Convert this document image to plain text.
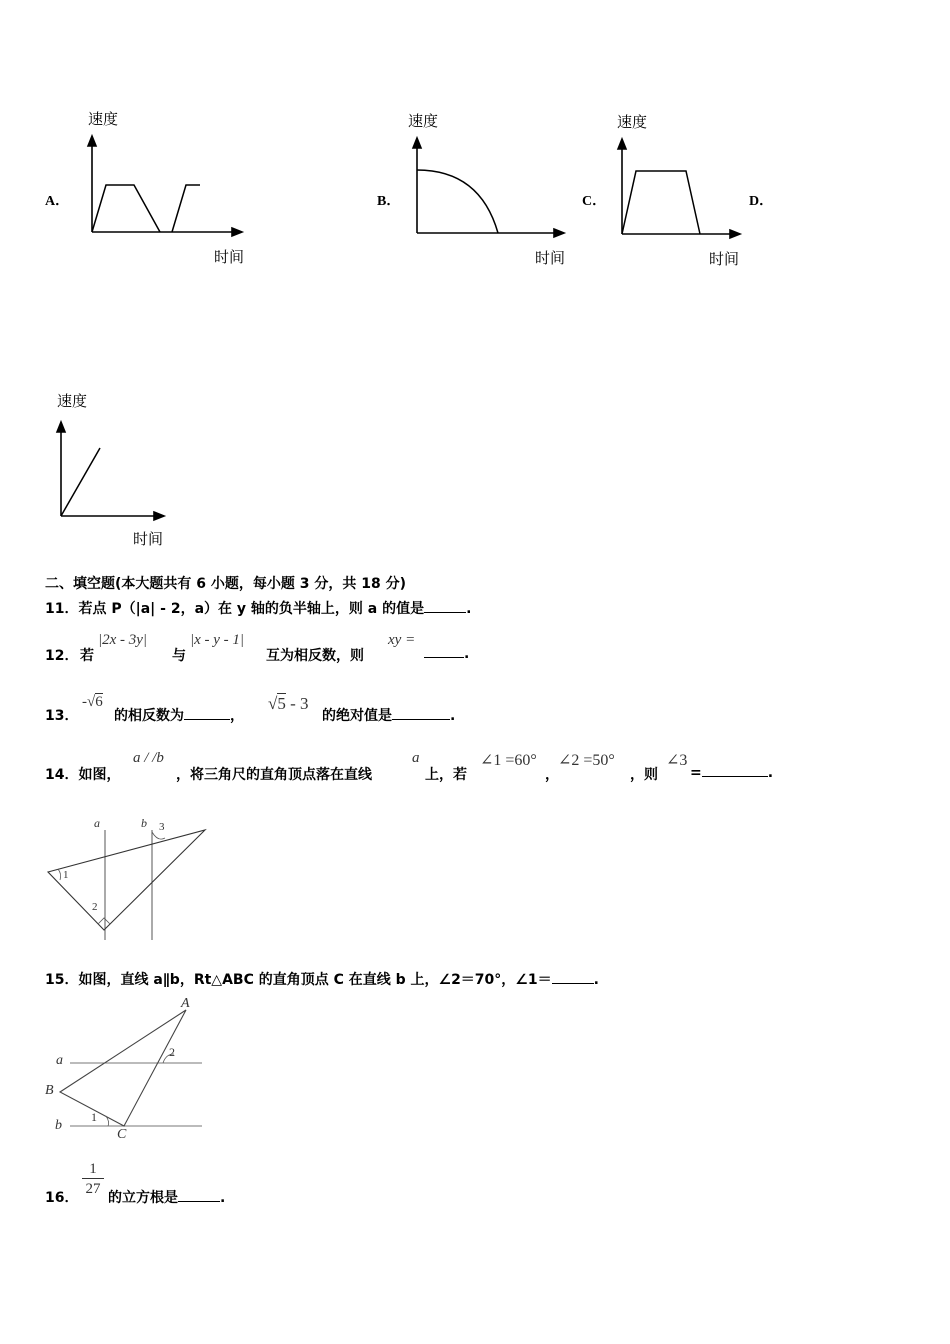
速度
A．
时间
速度
B．
时间
速度
C．
时间
D．
速度
时间
二、填空题(本大题共有 6 小题，每小题 3 分，共 18 分)
11．若点 P（|a| - 2，a）在 y 轴的负半轴上，则 a 的值是	.
12． 若
|2x - 3y|
与
|x - y - 1|
互为相反数，则
xy =
.
13．
-√6
的相反数为	，
√5 - 3
的绝对值是	.
14．如图，
a / /b
，将三角尺的直角顶点落在直线
a
上，若
∠1 =60°
，
∠2 =50°
，则
∠3
=	.
a	b
1
2
3
15．如图，直线 a∥b，Rt△ABC 的直角顶点 C 在直线 b 上，∠2＝70°，∠1＝	.
A
B
C
a
b
1
2
16． $\frac{1}{27}$ 的立方根是	.
